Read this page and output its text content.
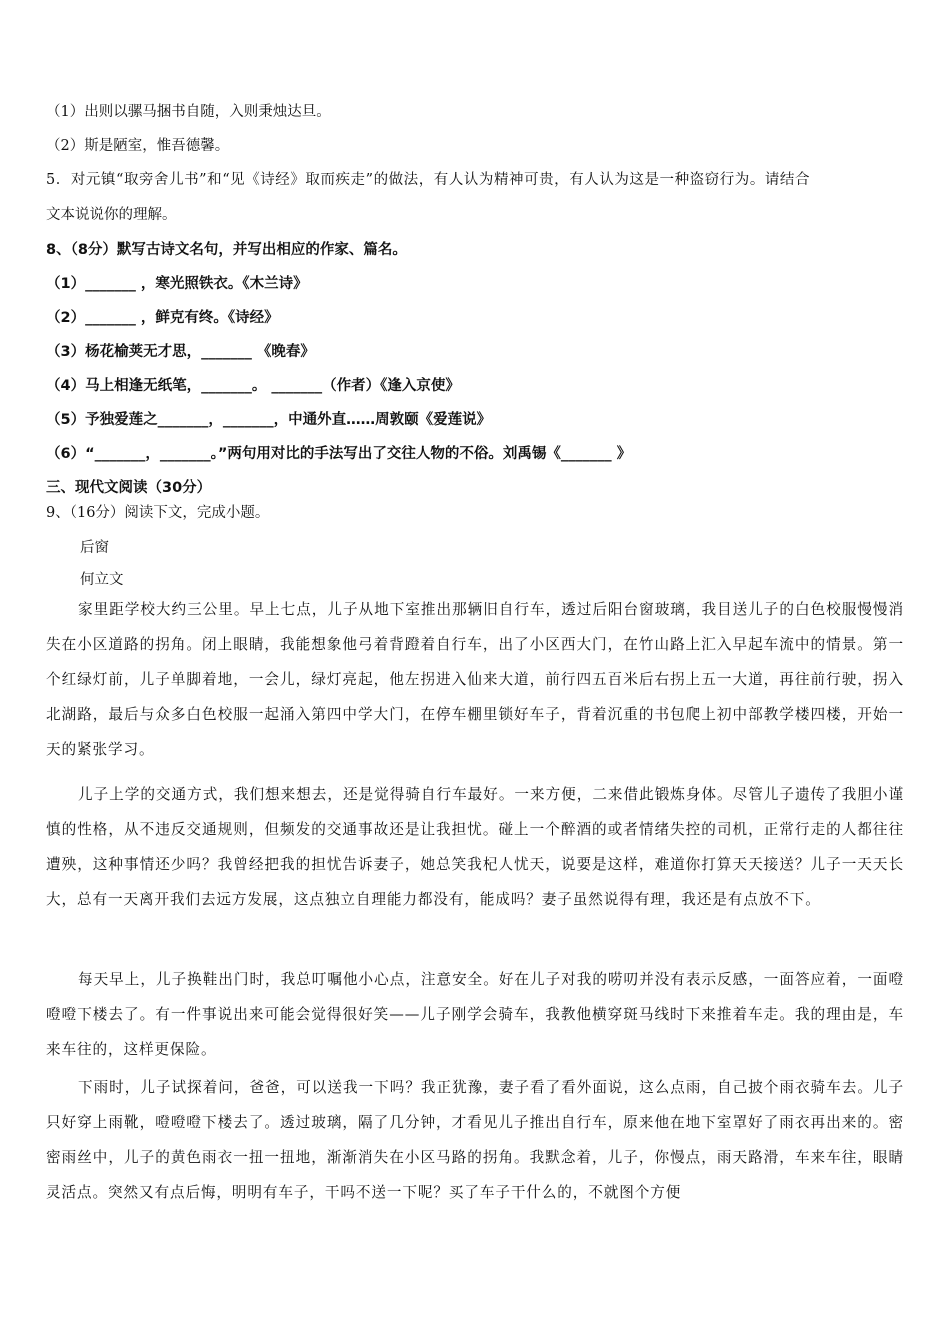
（1）出则以骡马捆书自随，入则秉烛达旦。
（2）斯是陋室，惟吾德馨。
5．对元镇“取旁舍儿书”和“见《诗经》取而疾走”的做法，有人认为精神可贵，有人认为这是一种盗窃行为。请结合
文本说说你的理解。
8、（8分）默写古诗文名句，并写出相应的作家、篇名。
（1）_______ ，寒光照铁衣。《木兰诗》
（2）_______ ，鲜克有终。《诗经》
（3）杨花榆荚无才思，_______ 《晚春》
（4）马上相逢无纸笔，_______。 _______（作者）《逢入京使》
（5）予独爱莲之_______，_______，中通外直……周敦颐《爱莲说》
（6）“_______，_______。”两句用对比的手法写出了交往人物的不俗。刘禹锡《_______ 》
三、现代文阅读（30分）
9、（16分）阅读下文，完成小题。
后窗
何立文

家里距学校大约三公里。早上七点，儿子从地下室推出那辆旧自行车，透过后阳台窗玻璃，我目送儿子的白色校服慢慢消失在小区道路的拐角。闭上眼睛，我能想象他弓着背蹬着自行车，出了小区西大门，在竹山路上汇入早起车流中的情景。第一个红绿灯前，儿子单脚着地，一会儿，绿灯亮起，他左拐进入仙来大道，前行四五百米后右拐上五一大道，再往前行驶，拐入北湖路，最后与众多白色校服一起涌入第四中学大门，在停车棚里锁好车子，背着沉重的书包爬上初中部教学楼四楼，开始一天的紧张学习。

儿子上学的交通方式，我们想来想去，还是觉得骑自行车最好。一来方便，二来借此锻炼身体。尽管儿子遗传了我胆小谨慎的性格，从不违反交通规则，但频发的交通事故还是让我担忧。碰上一个醉酒的或者情绪失控的司机，正常行走的人都往往遭殃，这种事情还少吗？我曾经把我的担忧告诉妻子，她总笑我杞人忧天，说要是这样，难道你打算天天接送？儿子一天天长大，总有一天离开我们去远方发展，这点独立自理能力都没有，能成吗？妻子虽然说得有理，我还是有点放不下。

每天早上，儿子换鞋出门时，我总叮嘱他小心点，注意安全。好在儿子对我的唠叨并没有表示反感，一面答应着，一面噔噔噔下楼去了。有一件事说出来可能会觉得很好笑——儿子刚学会骑车，我教他横穿斑马线时下来推着车走。我的理由是，车来车往的，这样更保险。

下雨时，儿子试探着问，爸爸，可以送我一下吗？我正犹豫，妻子看了看外面说，这么点雨，自己披个雨衣骑车去。儿子只好穿上雨靴，噔噔噔下楼去了。透过玻璃，隔了几分钟，才看见儿子推出自行车，原来他在地下室罩好了雨衣再出来的。密密雨丝中，儿子的黄色雨衣一扭一扭地，渐渐消失在小区马路的拐角。我默念着，儿子，你慢点，雨天路滑，车来车往，眼睛灵活点。突然又有点后悔，明明有车子，干吗不送一下呢？买了车子干什么的，不就图个方便
